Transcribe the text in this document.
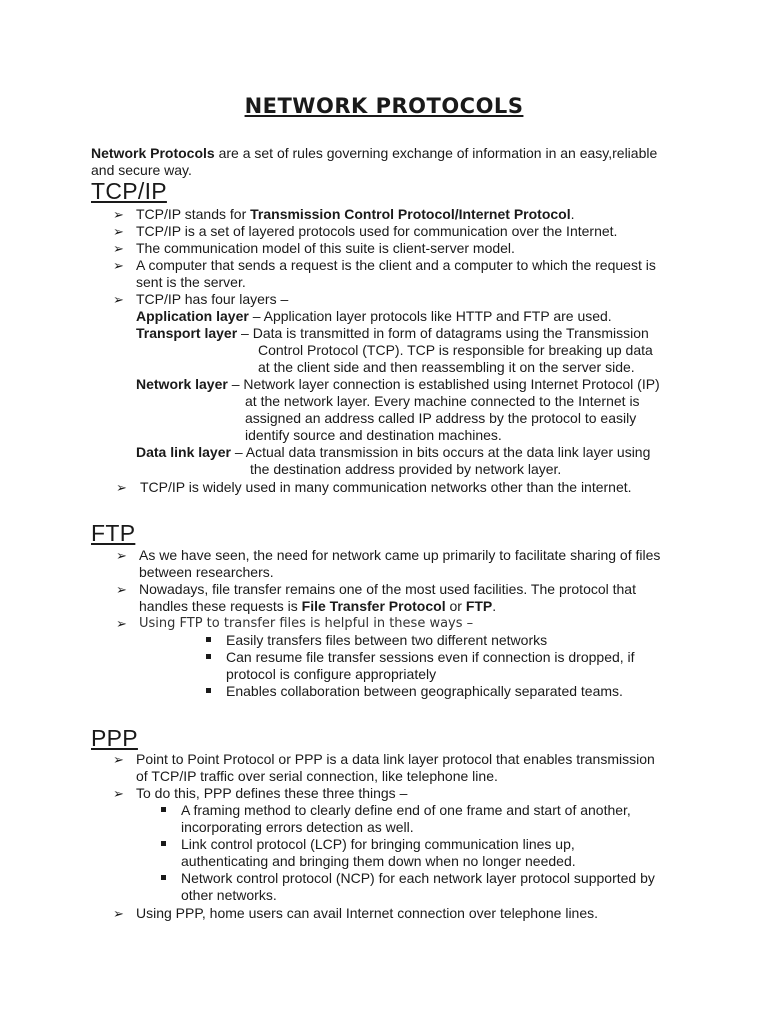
NETWORK PROTOCOLS
Network Protocols are a set of rules governing exchange of information in an easy,reliable and secure way.
TCP/IP
➢ TCP/IP stands for Transmission Control Protocol/Internet Protocol.
➢ TCP/IP is a set of layered protocols used for communication over the Internet.
➢ The communication model of this suite is client-server model.
➢ A computer that sends a request is the client and a computer to which the request is
sent is the server.
➢ TCP/IP has four layers –
Application layer – Application layer protocols like HTTP and FTP are used.
Transport layer – Data is transmitted in form of datagrams using the Transmission
Control Protocol (TCP). TCP is responsible for breaking up data
at the client side and then reassembling it on the server side.
Network layer – Network layer connection is established using Internet Protocol (IP)
at the network layer. Every machine connected to the Internet is
assigned an address called IP address by the protocol to easily
identify source and destination machines.
Data link layer – Actual data transmission in bits occurs at the data link layer using
the destination address provided by network layer.
➢ TCP/IP is widely used in many communication networks other than the internet.
FTP
➢ As we have seen, the need for network came up primarily to facilitate sharing of files
between researchers.
➢ Nowadays, file transfer remains one of the most used facilities. The protocol that
handles these requests is File Transfer Protocol or FTP.
➢ Using FTP to transfer files is helpful in these ways –
Easily transfers files between two different networks
Can resume file transfer sessions even if connection is dropped, if
protocol is configure appropriately
Enables collaboration between geographically separated teams.
PPP
➢ Point to Point Protocol or PPP is a data link layer protocol that enables transmission
of TCP/IP traffic over serial connection, like telephone line.
➢ To do this, PPP defines these three things –
A framing method to clearly define end of one frame and start of another,
incorporating errors detection as well.
Link control protocol (LCP) for bringing communication lines up,
authenticating and bringing them down when no longer needed.
Network control protocol (NCP) for each network layer protocol supported by
other networks.
➢ Using PPP, home users can avail Internet connection over telephone lines.
